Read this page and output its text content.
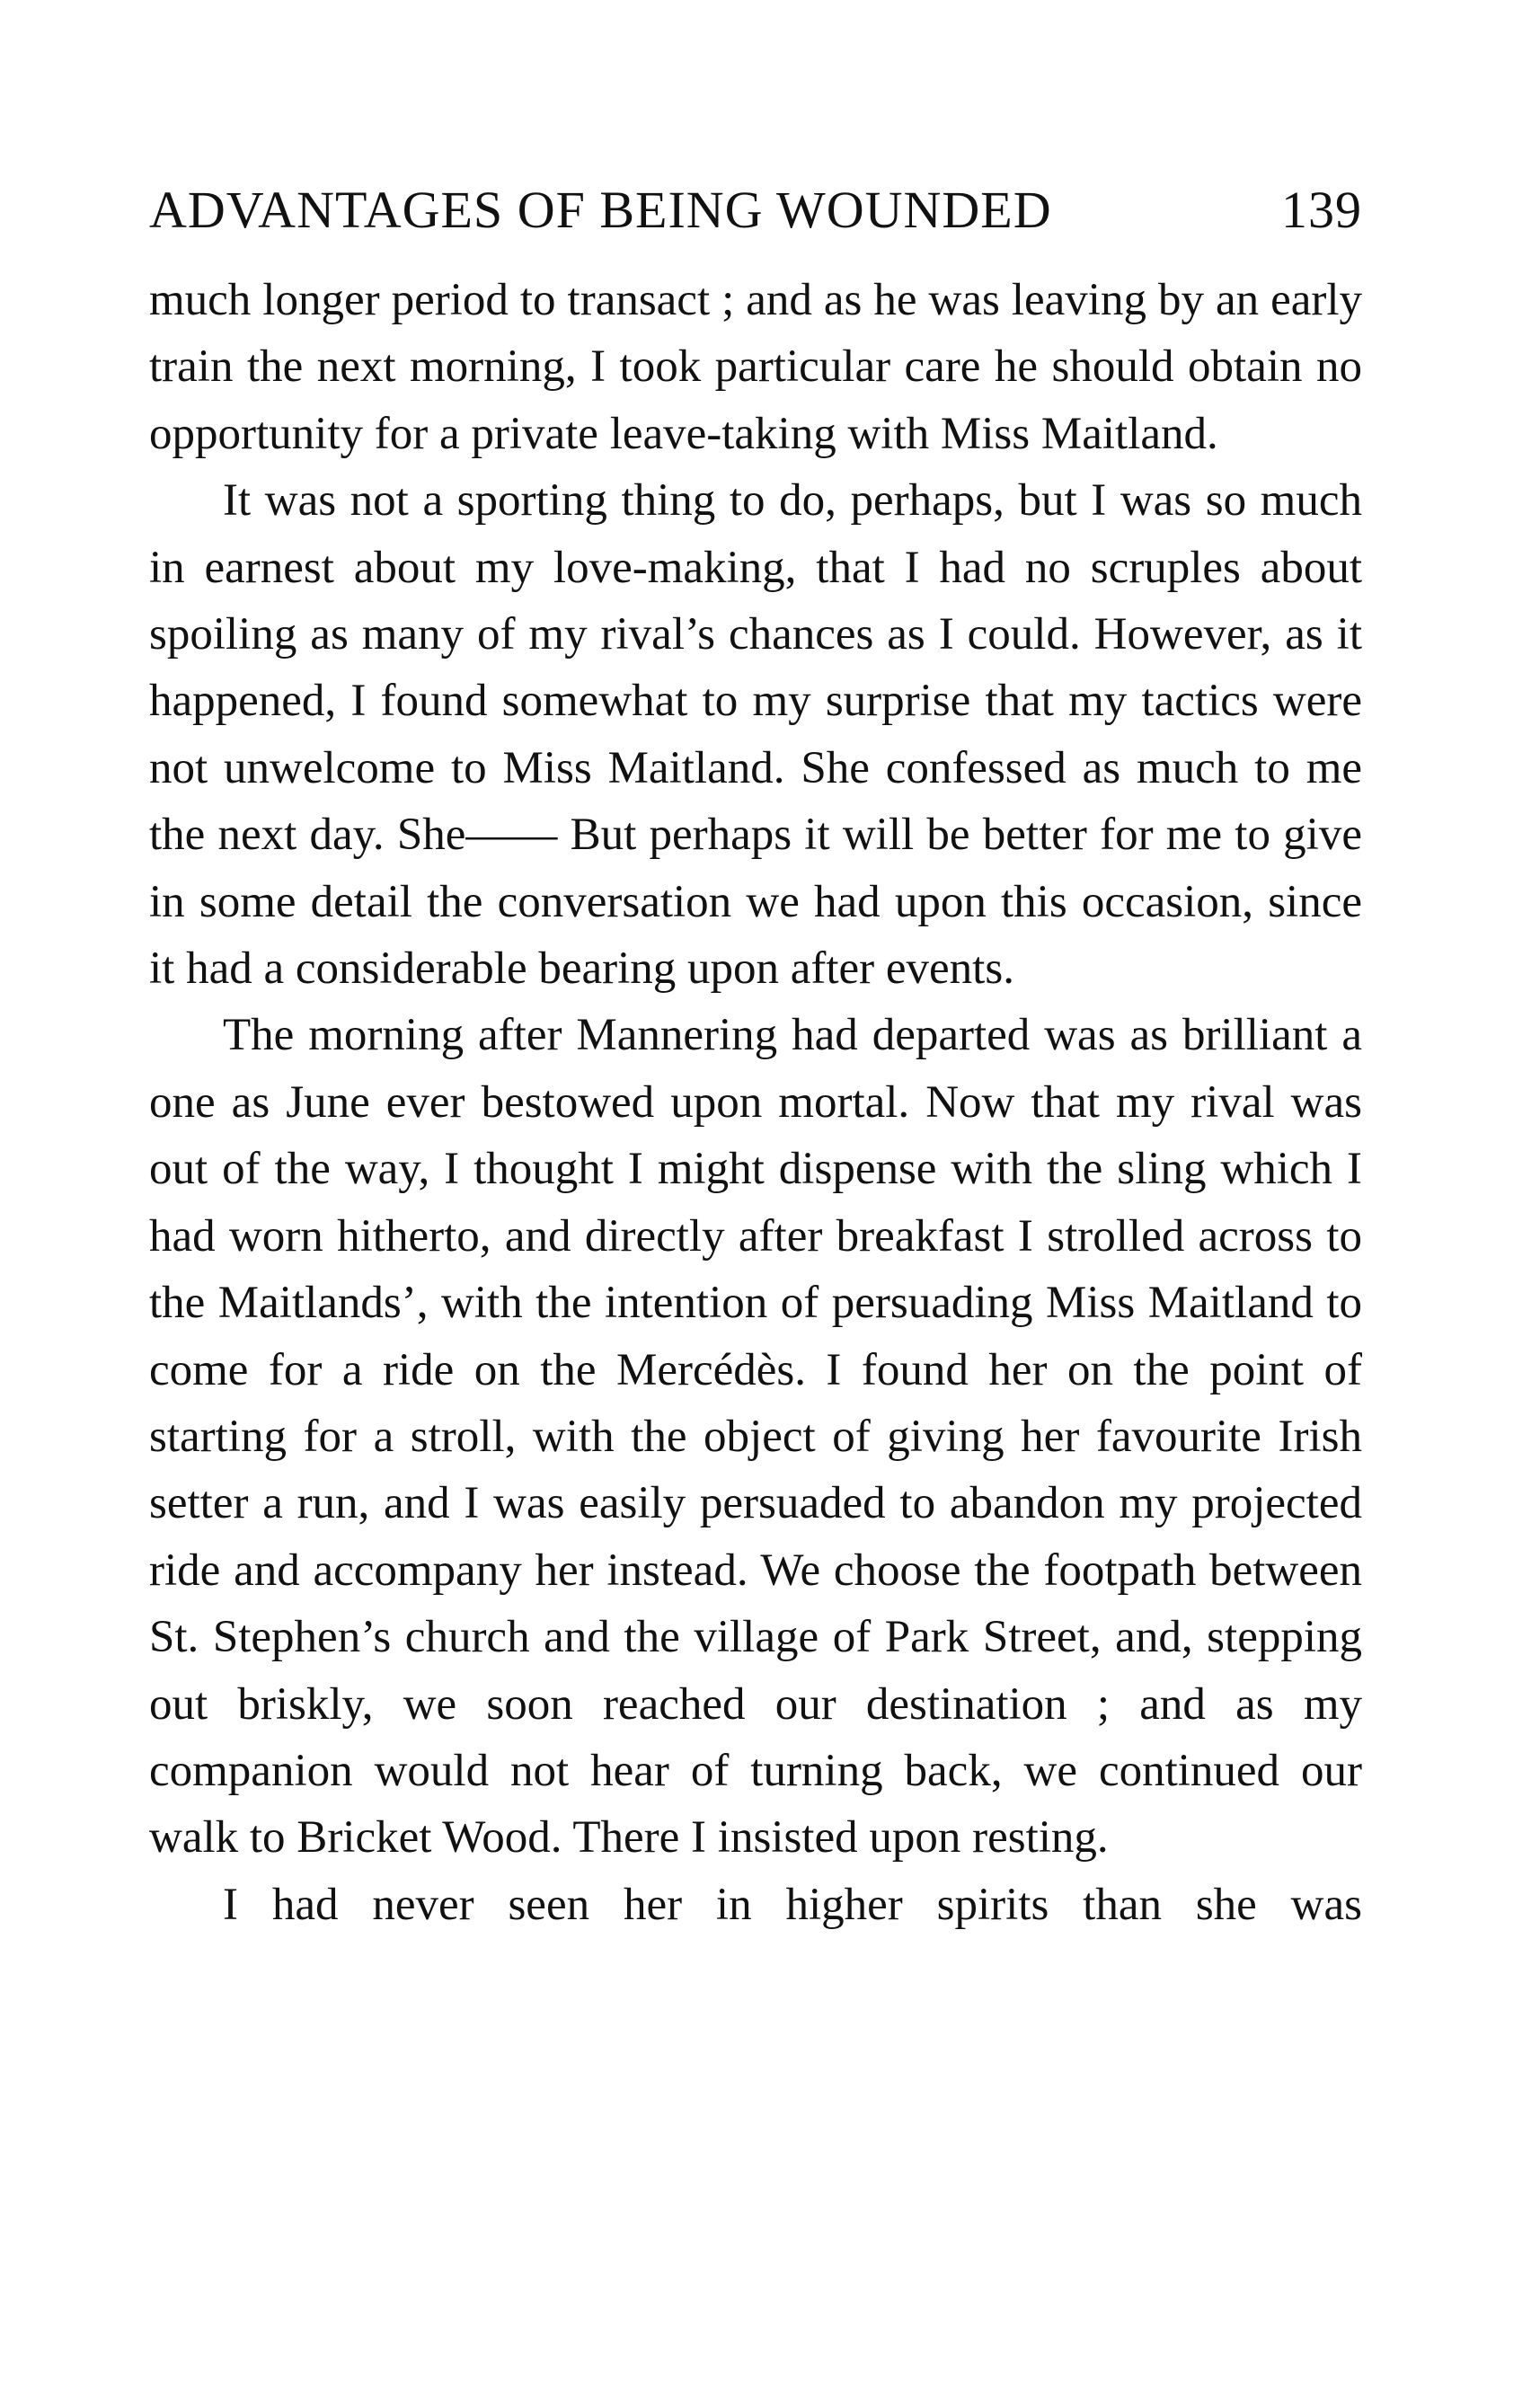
ADVANTAGES OF BEING WOUNDED	139

much longer period to transact ; and as he was leaving by an early train the next morning, I took particular care he should obtain no opportunity for a private leave-taking with Miss Maitland.

It was not a sporting thing to do, perhaps, but I was so much in earnest about my love-making, that I had no scruples about spoiling as many of my rival’s chances as I could. However, as it happened, I found somewhat to my surprise that my tactics were not unwelcome to Miss Maitland. She confessed as much to me the next day. She—— But perhaps it will be better for me to give in some detail the conversation we had upon this occasion, since it had a considerable bearing upon after events.

The morning after Mannering had departed was as brilliant a one as June ever bestowed upon mortal. Now that my rival was out of the way, I thought I might dispense with the sling which I had worn hitherto, and directly after breakfast I strolled across to the Maitlands’, with the intention of persuading Miss Maitland to come for a ride on the Mercédès. I found her on the point of starting for a stroll, with the object of giving her favourite Irish setter a run, and I was easily persuaded to abandon my projected ride and accompany her instead. We choose the footpath between St. Stephen’s church and the village of Park Street, and, stepping out briskly, we soon reached our destination ; and as my companion would not hear of turning back, we continued our walk to Bricket Wood. There I insisted upon resting.

I had never seen her in higher spirits than she was
